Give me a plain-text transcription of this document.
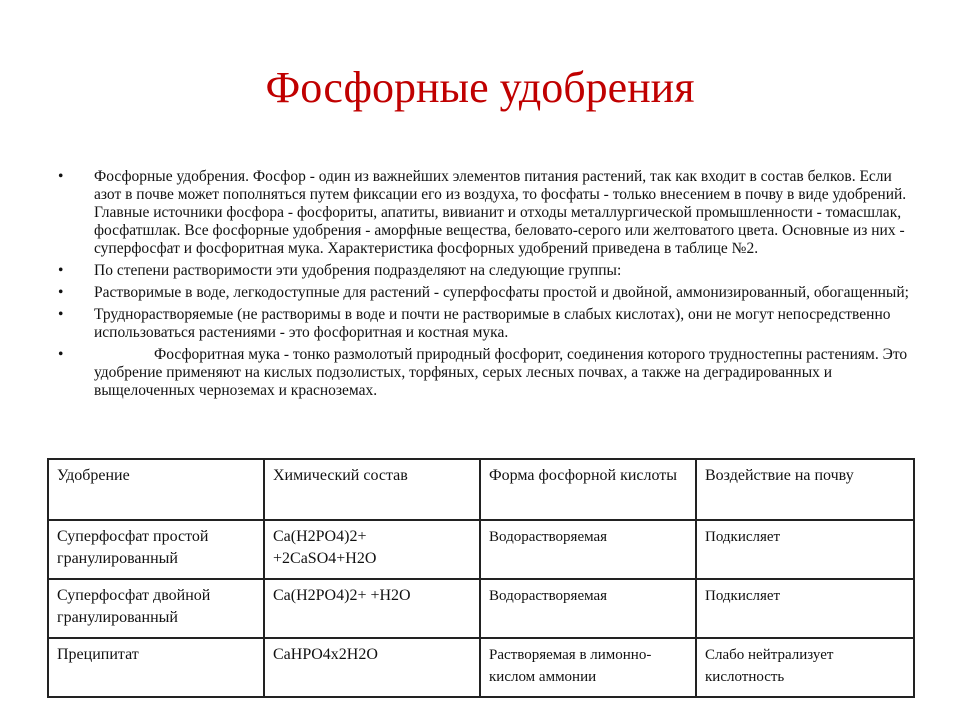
Фосфорные удобрения
• Фосфорные удобрения. Фосфор - один из важнейших элементов питания растений, так как входит в состав белков. Если азот в почве может пополняться путем фиксации его из воздуха, то фосфаты - только внесением в почву в виде удобрений. Главные источники фосфора - фосфориты, апатиты, вивианит и отходы металлургической промышленности - томасшлак, фосфатшлак. Все фосфорные удобрения - аморфные вещества, беловато-серого или желтоватого цвета. Основные из них - суперфосфат и фосфоритная мука. Характеристика фосфорных удобрений приведена в таблице №2.
• По степени растворимости эти удобрения подразделяют на следующие группы:
• Растворимые в воде, легкодоступные для растений - суперфосфаты простой и двойной, аммонизированный, обогащенный;
• Труднорастворяемые (не растворимы в воде и почти не растворимые в слабых кислотах), они не могут непосредственно использоваться растениями - это фосфоритная и костная мука.
•	Фосфоритная мука - тонко размолотый природный фосфорит, соединения которого трудностепны растениям. Это удобрение применяют на кислых подзолистых, торфяных, серых лесных почвах, а также на деградированных и выщелоченных черноземах и красноземах.
Удобрение	Химический состав	Форма фосфорной кислоты	Воздействие на почву
Суперфосфат простой гранулированный	Ca(H2PO4)2+ +2CaSO4+H2O	Водорастворяемая	Подкисляет
Суперфосфат двойной гранулированный	Ca(H2PO4)2+ +H2O	Водорастворяемая	Подкисляет
Преципитат	CaHPO4x2H2O	Растворяемая в лимонно-кислом аммонии	Слабо нейтрализует кислотность
